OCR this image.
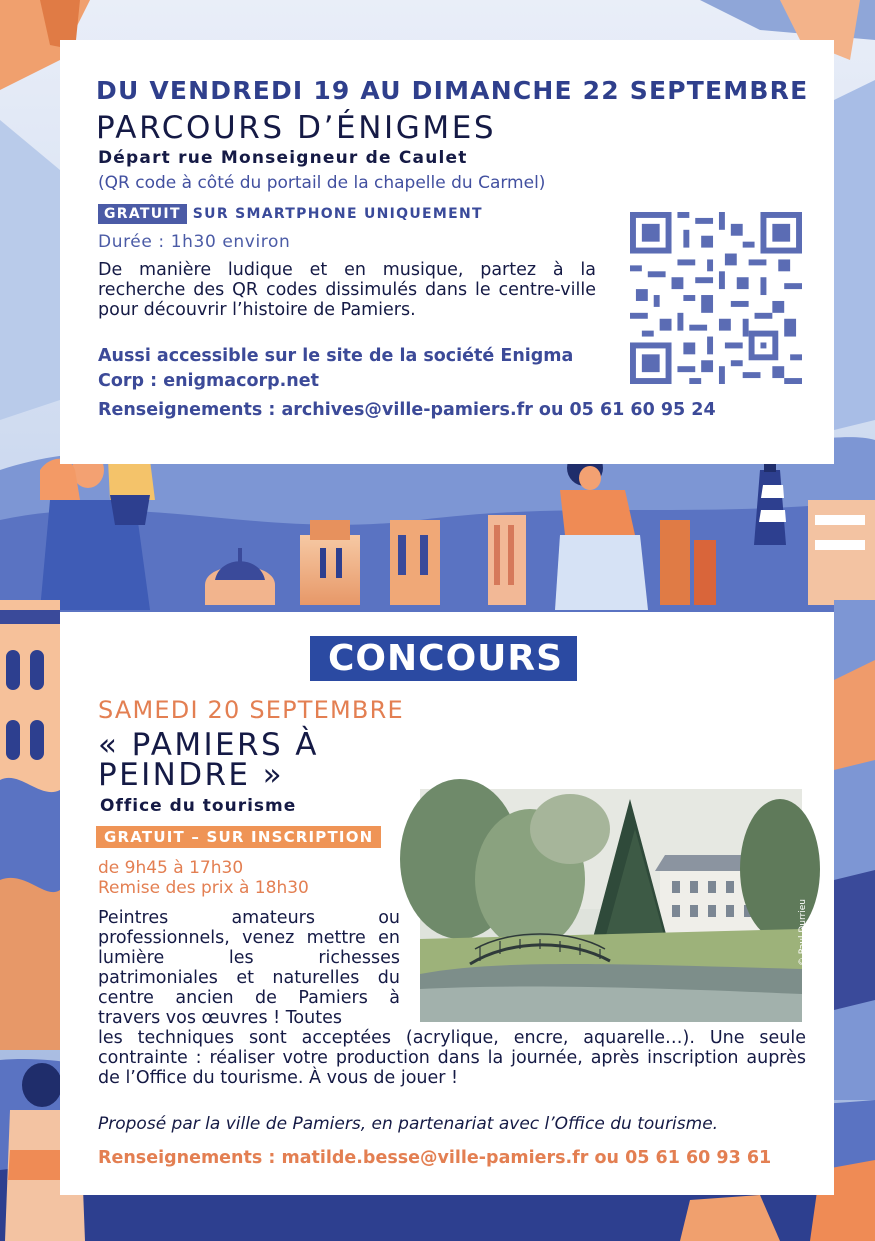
DU VENDREDI 19 AU DIMANCHE 22 SEPTEMBRE
PARCOURS D’ÉNIGMES
Départ rue Monseigneur de Caulet
(QR code à côté du portail de la chapelle du Carmel)
GRATUIT SUR SMARTPHONE UNIQUEMENT
Durée : 1h30 environ
De manière ludique et en musique, partez à la recherche des QR codes dissimulés dans le centre-ville pour découvrir l’histoire de Pamiers.
Aussi accessible sur le site de la société Enigma Corp : enigmacorp.net
Renseignements : archives@ville-pamiers.fr ou 05 61 60 95 24
CONCOURS
SAMEDI 20 SEPTEMBRE
« PAMIERS À PEINDRE »
Office du tourisme
GRATUIT – SUR INSCRIPTION
de 9h45 à 17h30
Remise des prix à 18h30
Peintres amateurs ou professionnels, venez mettre en lumière les richesses patrimoniales et naturelles du centre ancien de Pamiers à travers vos œuvres ! Toutes
les techniques sont acceptées (acrylique, encre, aquarelle…). Une seule contrainte : réaliser votre production dans la journée, après inscription auprès de l’Office du tourisme. À vous de jouer !
Proposé par la ville de Pamiers, en partenariat avec l’Office du tourisme.
Renseignements : matilde.besse@ville-pamiers.fr ou 05 61 60 93 61
© Paul Durrieu
